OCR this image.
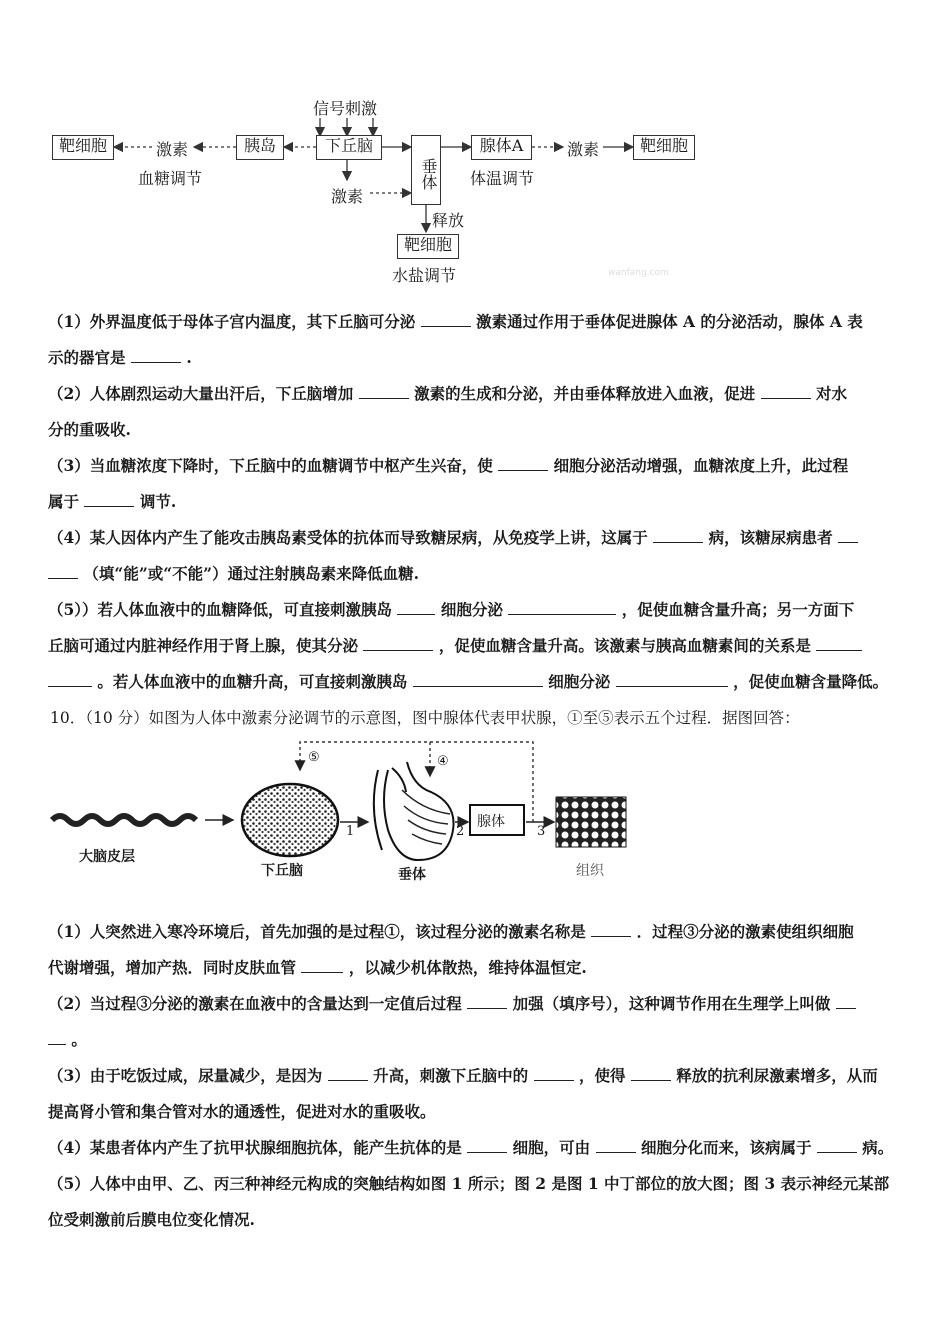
信号刺激
靶细胞	激素
血糖调节
胰岛	下丘脑
激素
垂体
释放
腺体A
体温调节
激素	靶细胞
靶细胞
水盐调节	wanfang.com
（1）外界温度低于母体子宫内温度，其下丘脑可分泌	激素通过作用于垂体促进腺体 A 的分泌活动，腺体 A 表
示的器官是	.
（2）人体剧烈运动大量出汗后，下丘脑增加	激素的生成和分泌，并由垂体释放进入血液，促进	对水
分的重吸收.
（3）当血糖浓度下降时，下丘脑中的血糖调节中枢产生兴奋，使	细胞分泌活动增强，血糖浓度上升，此过程
属于	调节.
（4）某人因体内产生了能攻击胰岛素受体的抗体而导致糖尿病，从免疫学上讲，这属于	病，该糖尿病患者
（填“能”或“不能”）通过注射胰岛素来降低血糖.
（5））若人体血液中的血糖降低，可直接刺激胰岛	细胞分泌	，促使血糖含量升高；另一方面下
丘脑可通过内脏神经作用于肾上腺，使其分泌	，促使血糖含量升高。该激素与胰高血糖素间的关系是
。若人体血液中的血糖升高，可直接刺激胰岛	细胞分泌	，促使血糖含量降低。
10．（10 分）如图为人体中激素分泌调节的示意图，图中腺体代表甲状腺，①至⑤表示五个过程．据图回答：
⑤	④
1	2	3
大脑皮层
腺体
下丘脑	垂体	组织
（1）人突然进入寒冷环境后，首先加强的是过程①，该过程分泌的激素名称是	．过程③分泌的激素使组织细胞
代谢增强，增加产热．同时皮肤血管	，以减少机体散热，维持体温恒定.
（2）当过程③分泌的激素在血液中的含量达到一定值后过程	加强（填序号），这种调节作用在生理学上叫做
。
（3）由于吃饭过咸，尿量减少，是因为	升高，刺激下丘脑中的	，使得	释放的抗利尿激素增多，从而
提高肾小管和集合管对水的通透性，促进对水的重吸收。
（4）某患者体内产生了抗甲状腺细胞抗体，能产生抗体的是	细胞，可由	细胞分化而来，该病属于	病。
（5）人体中由甲、乙、丙三种神经元构成的突触结构如图 1 所示；图 2 是图 1 中丁部位的放大图；图 3 表示神经元某部
位受刺激前后膜电位变化情况.
